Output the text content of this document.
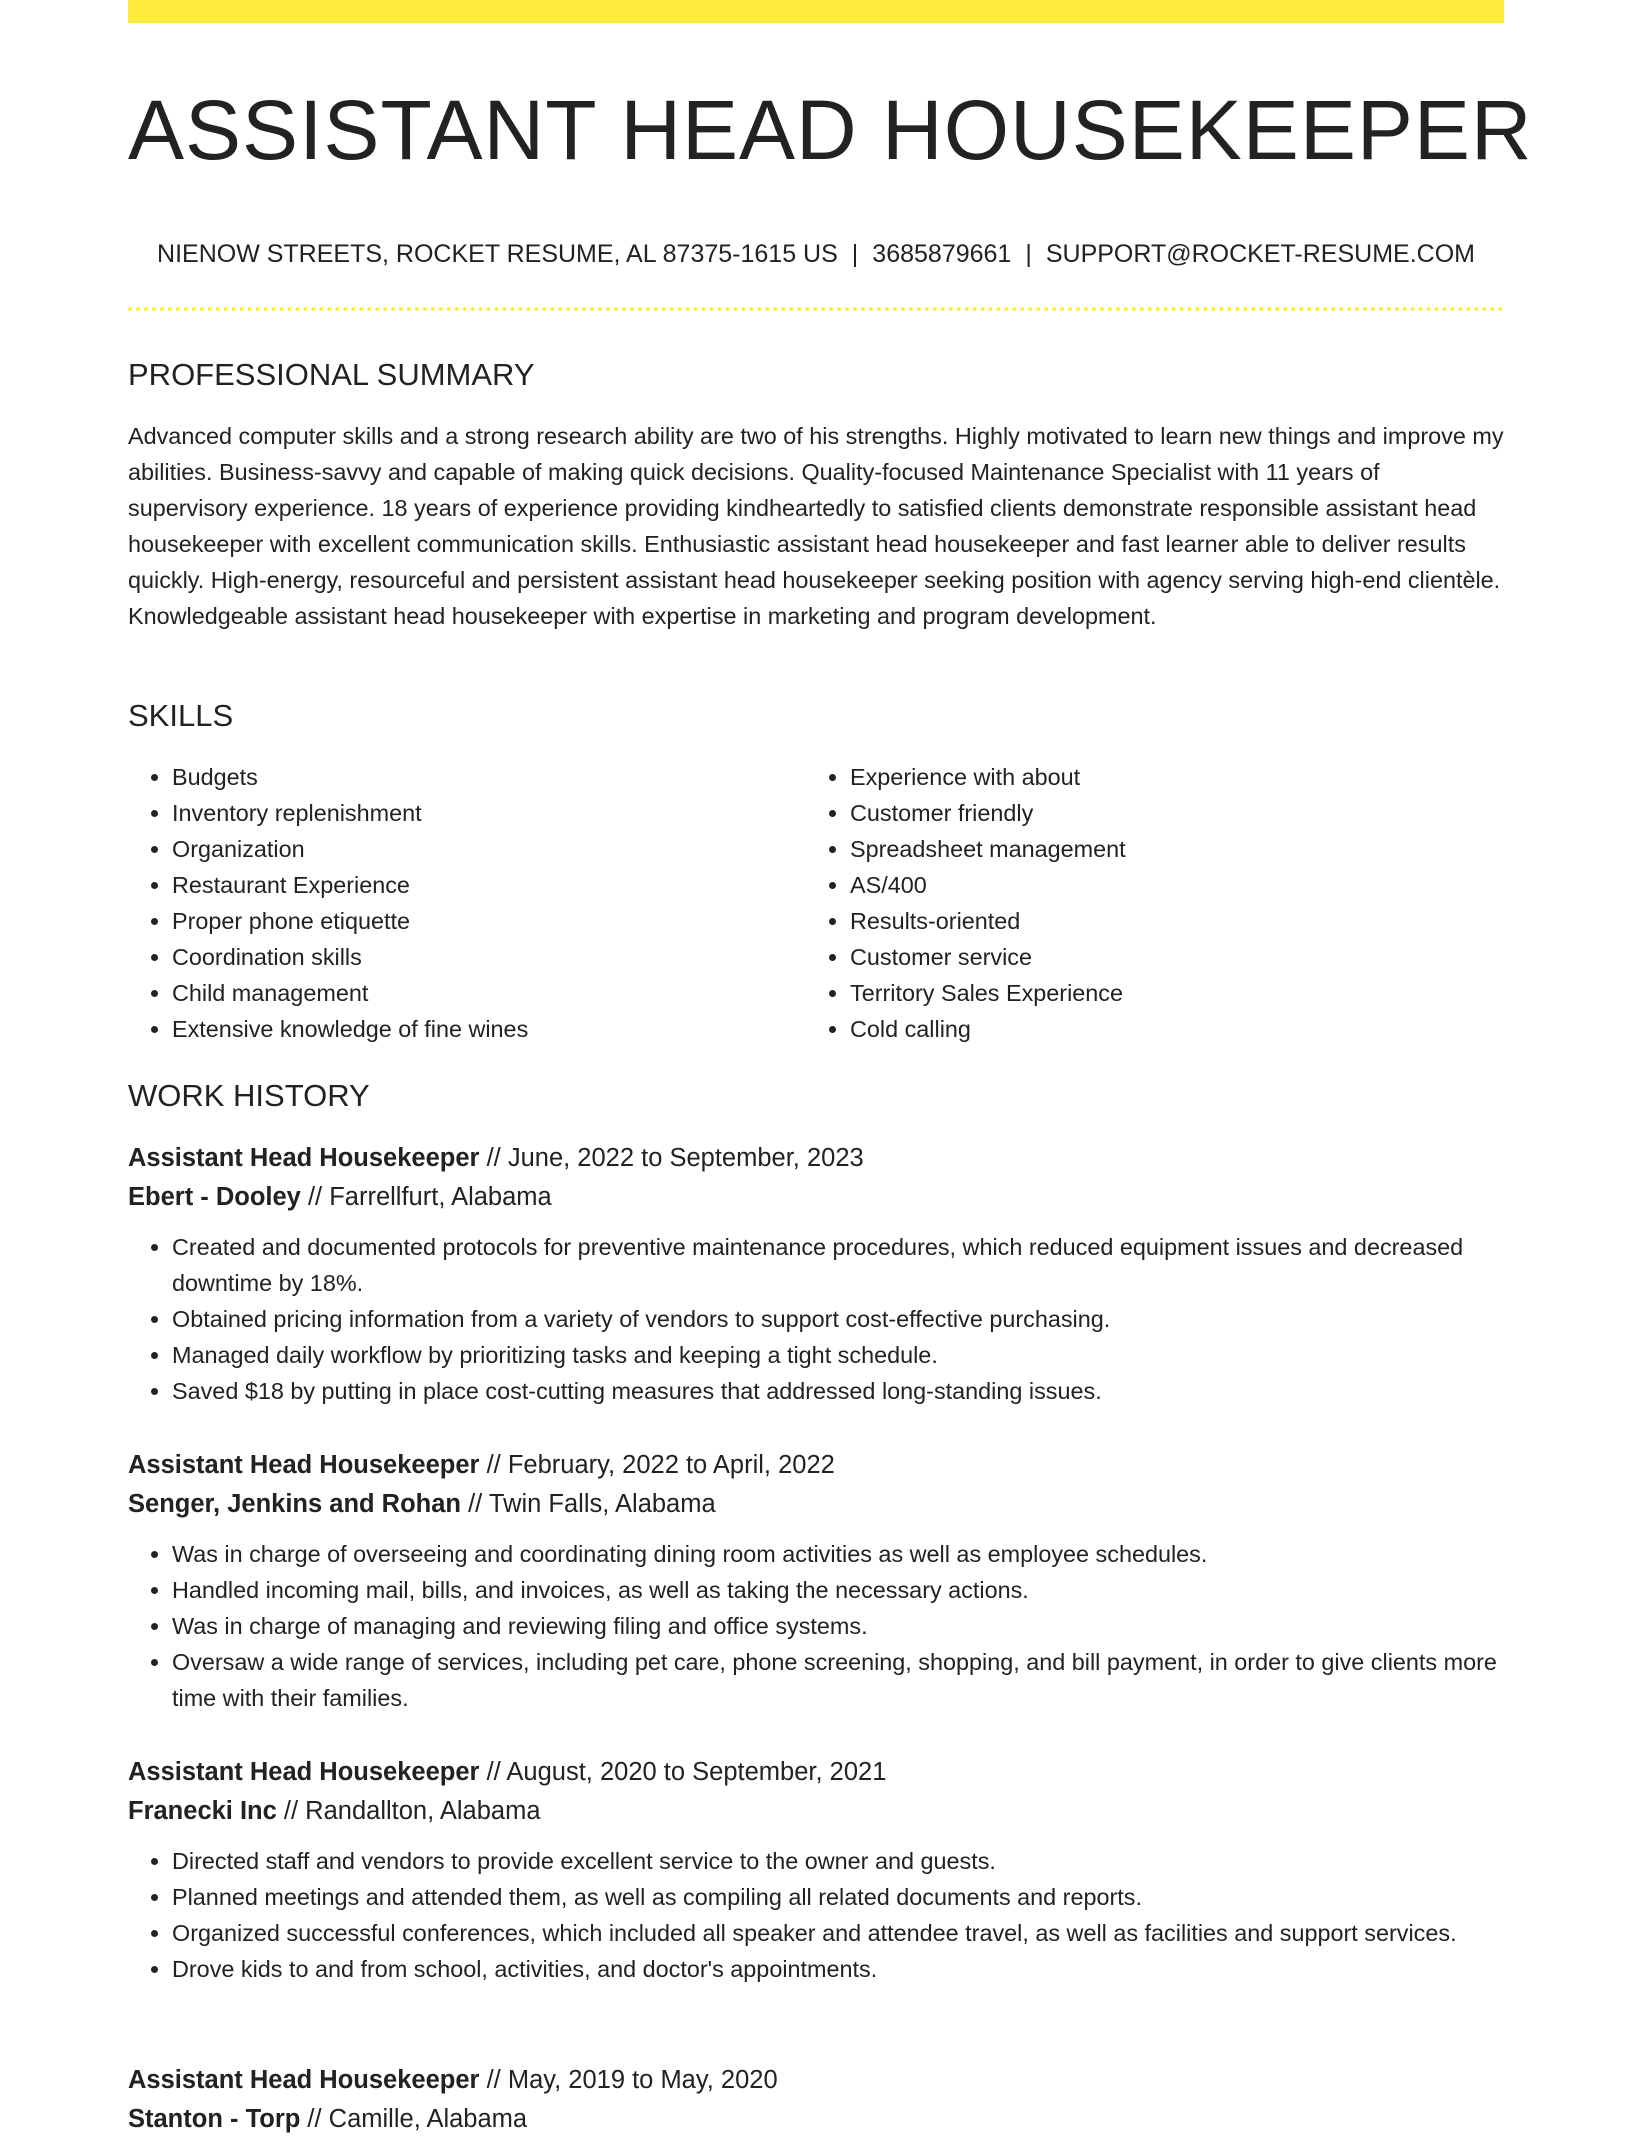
ASSISTANT HEAD HOUSEKEEPER
NIENOW STREETS, ROCKET RESUME, AL 87375-1615 US | 3685879661 | SUPPORT@ROCKET-RESUME.COM
PROFESSIONAL SUMMARY

Advanced computer skills and a strong research ability are two of his strengths. Highly motivated to learn new things and improve my abilities. Business-savvy and capable of making quick decisions. Quality-focused Maintenance Specialist with 11 years of supervisory experience. 18 years of experience providing kindheartedly to satisfied clients demonstrate responsible assistant head housekeeper with excellent communication skills. Enthusiastic assistant head housekeeper and fast learner able to deliver results quickly. High-energy, resourceful and persistent assistant head housekeeper seeking position with agency serving high-end clientèle. Knowledgeable assistant head housekeeper with expertise in marketing and program development.

SKILLS
• Budgets
• Inventory replenishment
• Organization
• Restaurant Experience
• Proper phone etiquette
• Coordination skills
• Child management
• Extensive knowledge of fine wines
• Experience with about
• Customer friendly
• Spreadsheet management
• AS/400
• Results-oriented
• Customer service
• Territory Sales Experience
• Cold calling
WORK HISTORY
Assistant Head Housekeeper // June, 2022 to September, 2023
Ebert - Dooley // Farrellfurt, Alabama
• Created and documented protocols for preventive maintenance procedures, which reduced equipment issues and decreased downtime by 18%.
• Obtained pricing information from a variety of vendors to support cost-effective purchasing.
• Managed daily workflow by prioritizing tasks and keeping a tight schedule.
• Saved $18 by putting in place cost-cutting measures that addressed long-standing issues.
Assistant Head Housekeeper // February, 2022 to April, 2022
Senger, Jenkins and Rohan // Twin Falls, Alabama
• Was in charge of overseeing and coordinating dining room activities as well as employee schedules.
• Handled incoming mail, bills, and invoices, as well as taking the necessary actions.
• Was in charge of managing and reviewing filing and office systems.
• Oversaw a wide range of services, including pet care, phone screening, shopping, and bill payment, in order to give clients more time with their families.
Assistant Head Housekeeper // August, 2020 to September, 2021
Franecki Inc // Randallton, Alabama
• Directed staff and vendors to provide excellent service to the owner and guests.
• Planned meetings and attended them, as well as compiling all related documents and reports.
• Organized successful conferences, which included all speaker and attendee travel, as well as facilities and support services.
• Drove kids to and from school, activities, and doctor's appointments.
Assistant Head Housekeeper // May, 2019 to May, 2020
Stanton - Torp // Camille, Alabama
